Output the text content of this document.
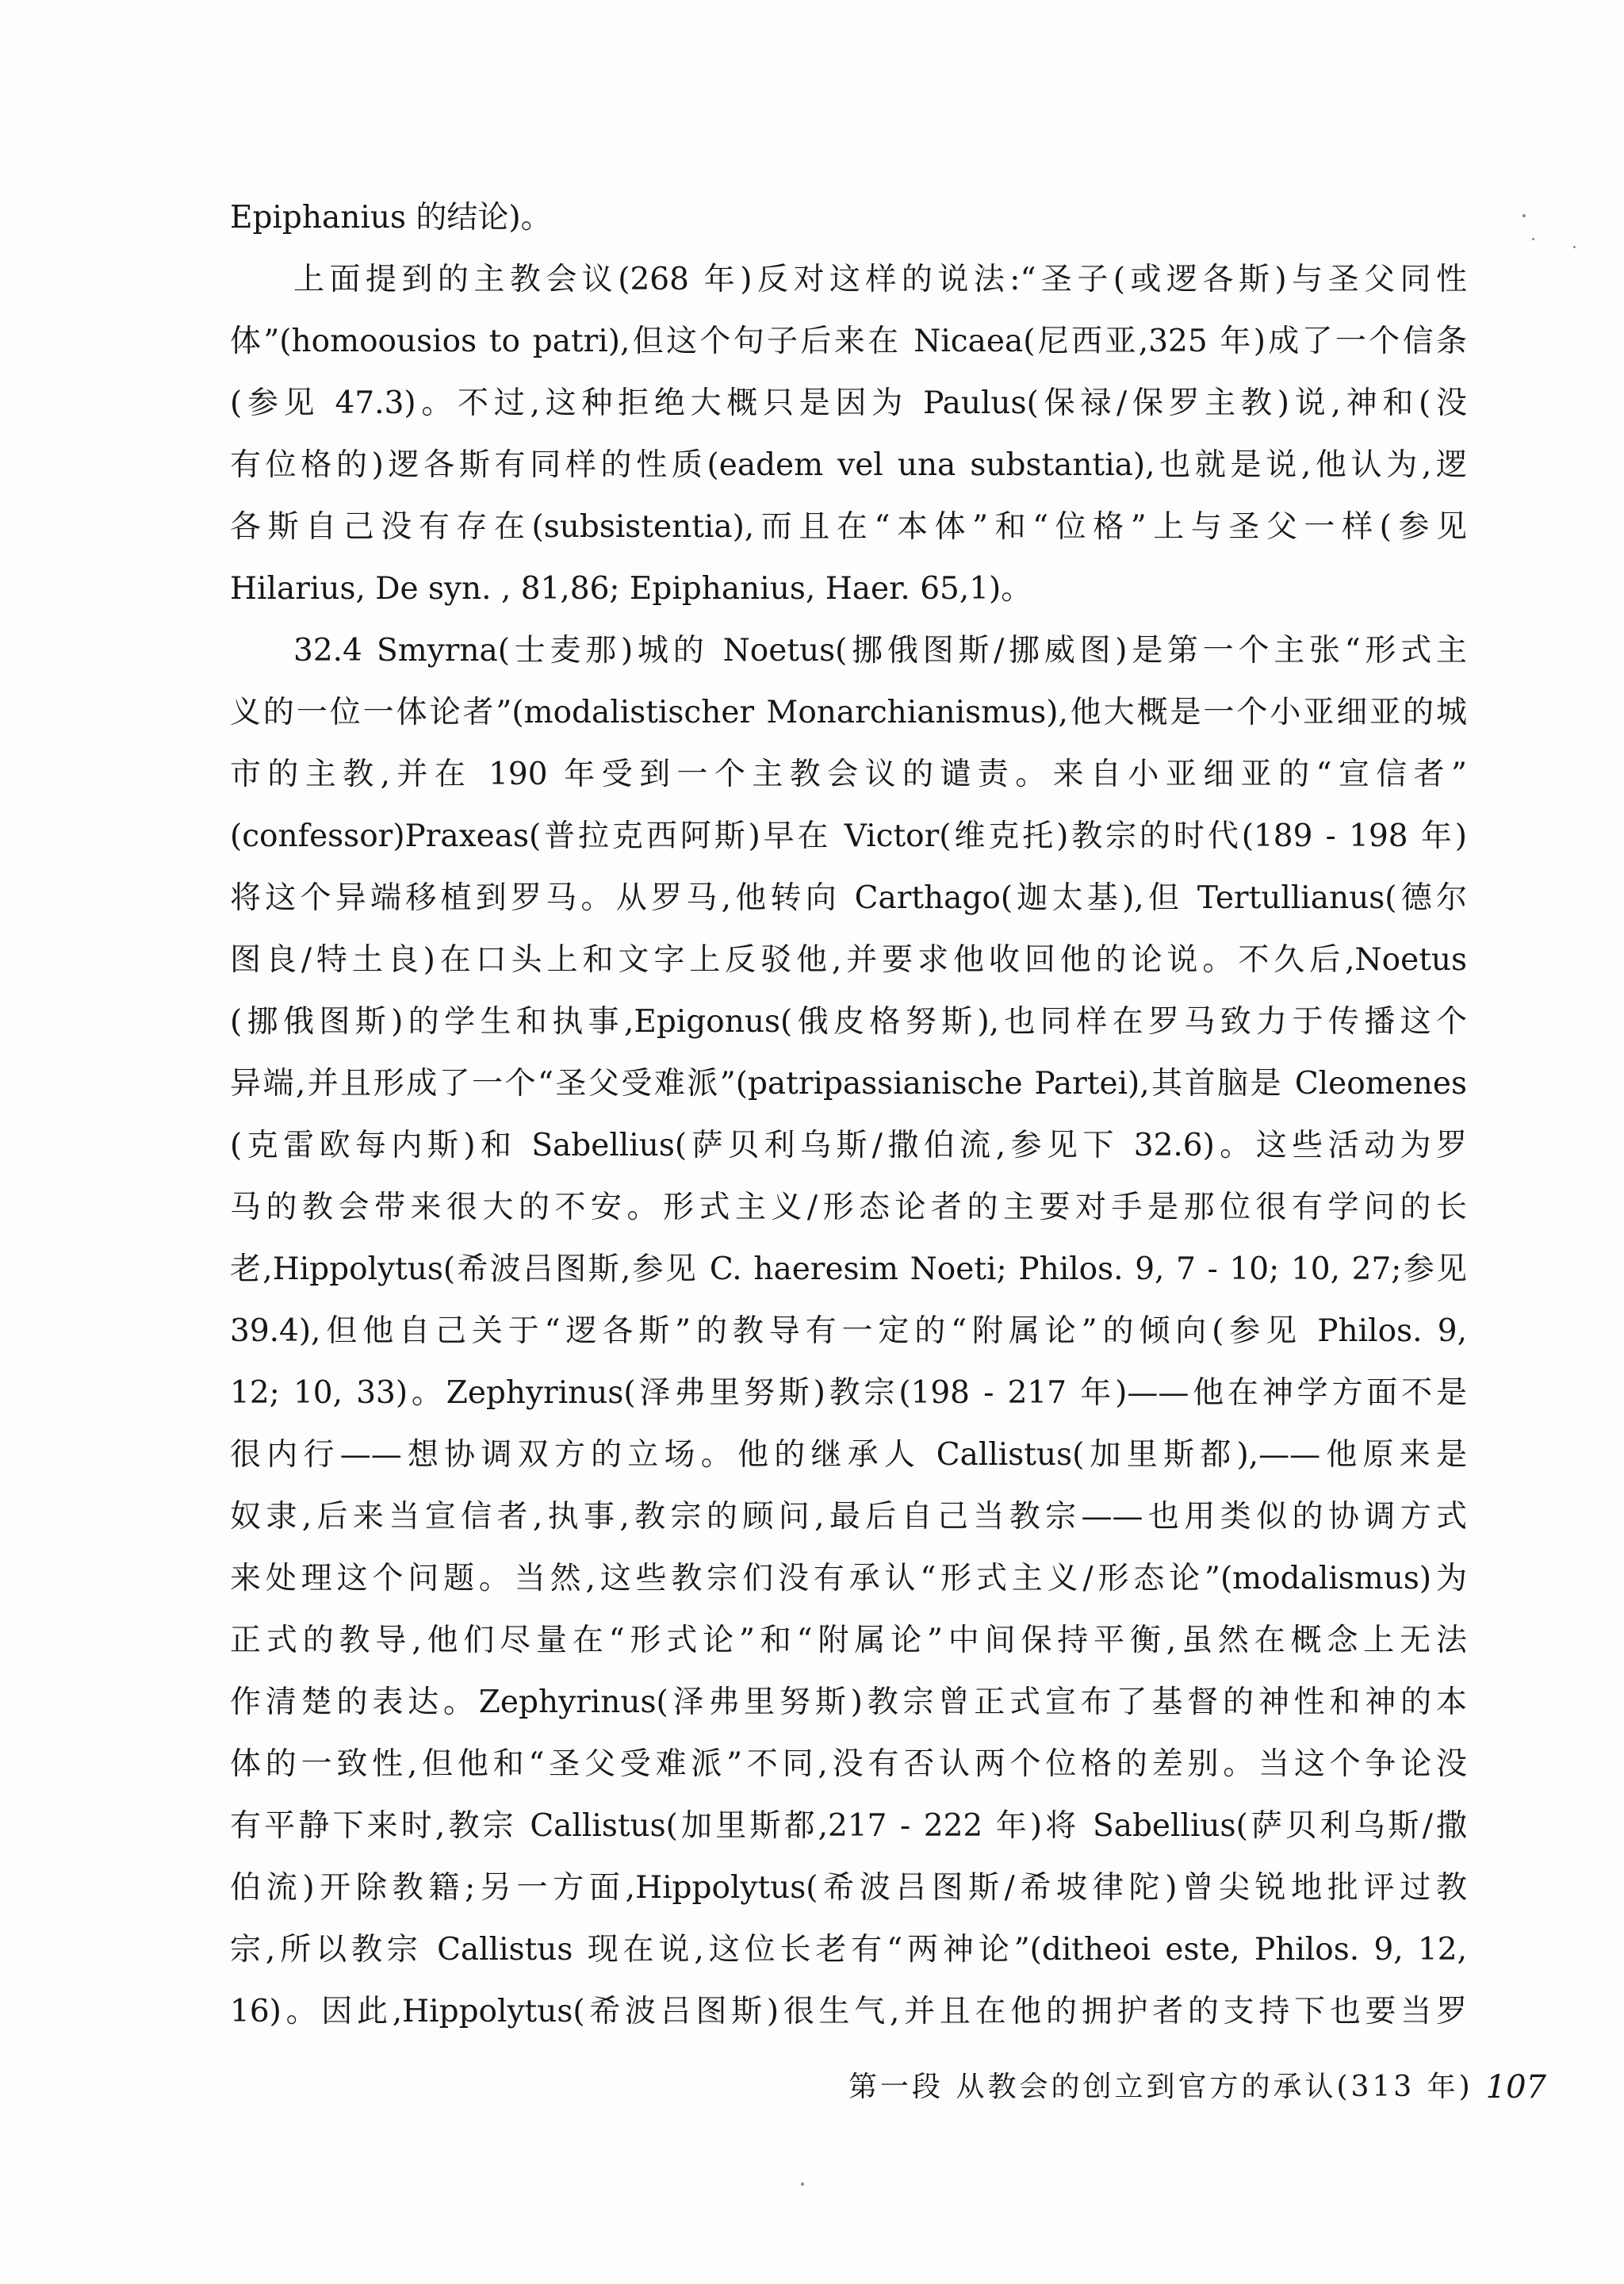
Epiphanius 的结论)。
上面提到的主教会议(268 年)反对这样的说法:“圣子(或逻各斯)与圣父同性
体”(homoousios to patri),但这个句子后来在 Nicaea(尼西亚,325 年)成了一个信条
(参见 47.3)。不过,这种拒绝大概只是因为 Paulus(保禄/保罗主教)说,神和(没
有位格的)逻各斯有同样的性质(eadem vel una substantia),也就是说,他认为,逻
各斯自己没有存在(subsistentia),而且在“本体”和“位格”上与圣父一样(参见
Hilarius, De syn. , 81,86; Epiphanius, Haer. 65,1)。
32.4 Smyrna(士麦那)城的 Noetus(挪俄图斯/挪威图)是第一个主张“形式主
义的一位一体论者”(modalistischer Monarchianismus),他大概是一个小亚细亚的城
市的主教,并在 190 年受到一个主教会议的谴责。来自小亚细亚的“宣信者”
(confessor)Praxeas(普拉克西阿斯)早在 Victor(维克托)教宗的时代(189 - 198 年)
将这个异端移植到罗马。从罗马,他转向 Carthago(迦太基),但 Tertullianus(德尔
图良/特土良)在口头上和文字上反驳他,并要求他收回他的论说。不久后,Noetus
(挪俄图斯)的学生和执事,Epigonus(俄皮格努斯),也同样在罗马致力于传播这个
异端,并且形成了一个“圣父受难派”(patripassianische Partei),其首脑是 Cleomenes
(克雷欧每内斯)和 Sabellius(萨贝利乌斯/撒伯流,参见下 32.6)。这些活动为罗
马的教会带来很大的不安。形式主义/形态论者的主要对手是那位很有学问的长
老,Hippolytus(希波吕图斯,参见 C. haeresim Noeti; Philos. 9, 7 - 10; 10, 27;参见
39.4),但他自己关于“逻各斯”的教导有一定的“附属论”的倾向(参见 Philos. 9,
12; 10, 33)。Zephyrinus(泽弗里努斯)教宗(198 - 217 年)——他在神学方面不是
很内行——想协调双方的立场。他的继承人 Callistus(加里斯都),——他原来是
奴隶,后来当宣信者,执事,教宗的顾问,最后自己当教宗——也用类似的协调方式
来处理这个问题。当然,这些教宗们没有承认“形式主义/形态论”(modalismus)为
正式的教导,他们尽量在“形式论”和“附属论”中间保持平衡,虽然在概念上无法
作清楚的表达。Zephyrinus(泽弗里努斯)教宗曾正式宣布了基督的神性和神的本
体的一致性,但他和“圣父受难派”不同,没有否认两个位格的差别。当这个争论没
有平静下来时,教宗 Callistus(加里斯都,217 - 222 年)将 Sabellius(萨贝利乌斯/撒
伯流)开除教籍;另一方面,Hippolytus(希波吕图斯/希坡律陀)曾尖锐地批评过教
宗,所以教宗 Callistus 现在说,这位长老有“两神论”(ditheoi este, Philos. 9, 12,
16)。因此,Hippolytus(希波吕图斯)很生气,并且在他的拥护者的支持下也要当罗
第一段 从教会的创立到官方的承认(313 年) 107
